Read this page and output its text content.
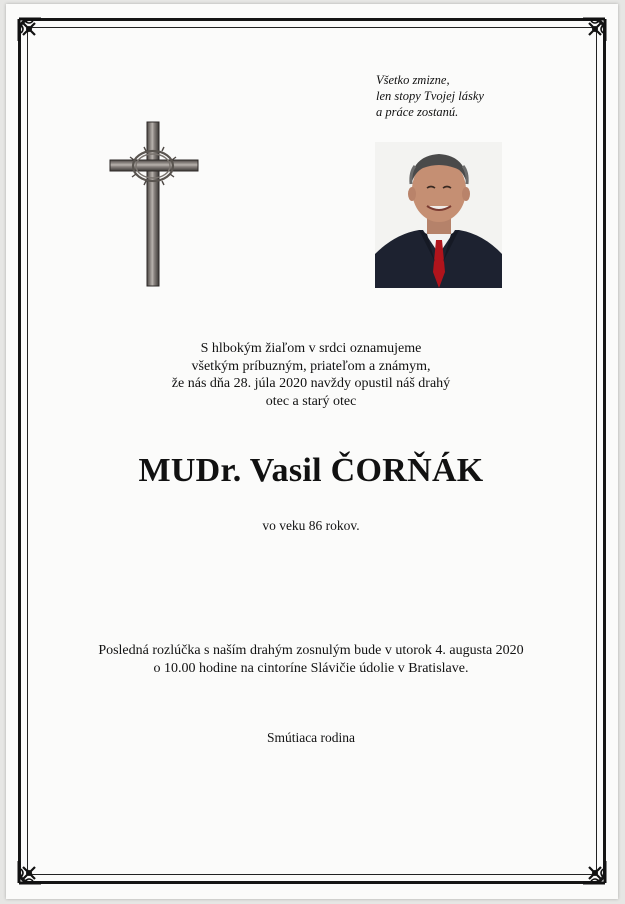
Všetko zmizne,
len stopy Tvojej lásky
a práce zostanú.
S hlbokým žiaľom v srdci oznamujeme
všetkým príbuzným, priateľom a známym,
že nás dňa 28. júla 2020 navždy opustil náš drahý
otec a starý otec
MUDr. Vasil ČORŇÁK
vo veku 86 rokov.
Posledná rozlúčka s naším drahým zosnulým bude v utorok 4. augusta 2020
o 10.00 hodine na cintoríne Slávičie údolie v Bratislave.
Smútiaca rodina
